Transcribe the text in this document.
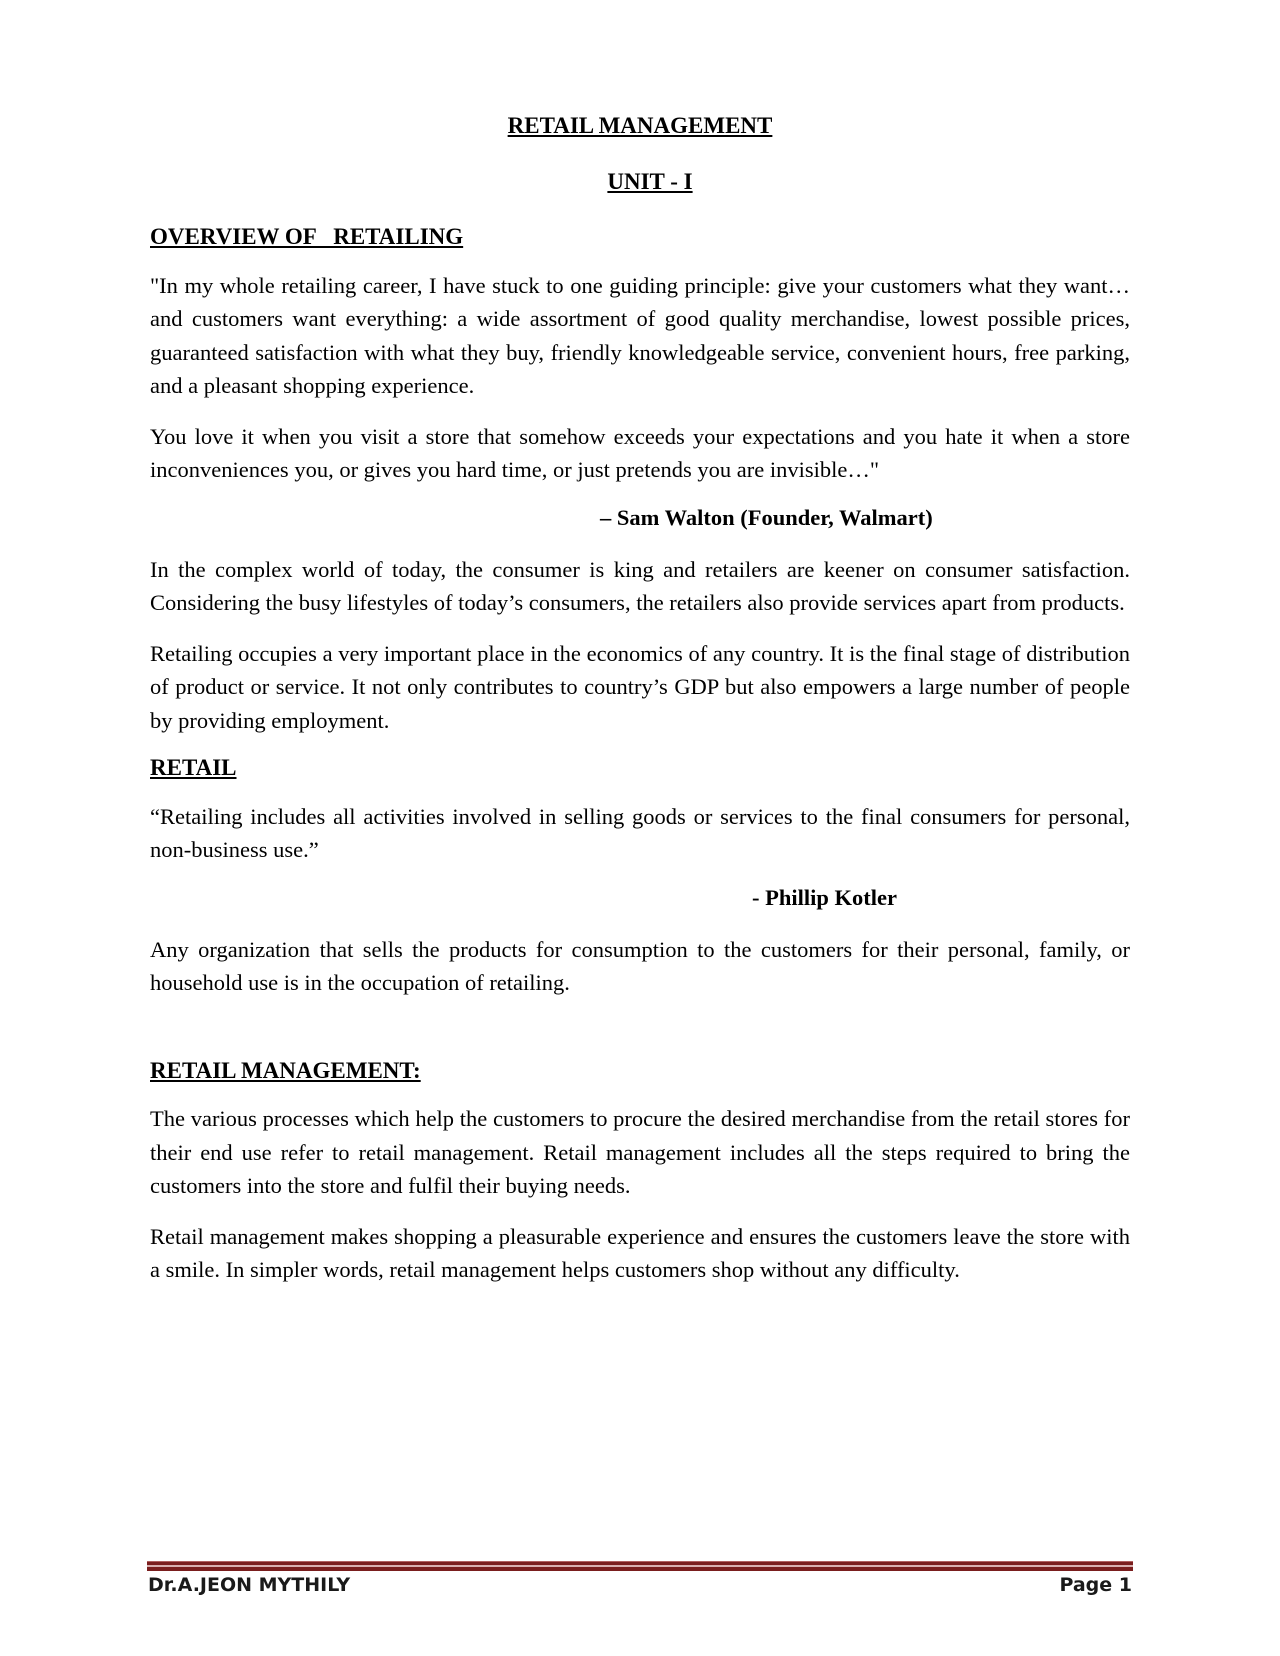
RETAIL MANAGEMENT
UNIT - I
OVERVIEW OF   RETAILING

"In my whole retailing career, I have stuck to one guiding principle: give your customers what they want…and customers want everything: a wide assortment of good quality merchandise, lowest possible prices, guaranteed satisfaction with what they buy, friendly knowledgeable service, convenient hours, free parking, and a pleasant shopping experience.

You love it when you visit a store that somehow exceeds your expectations and you hate it when a store inconveniences you, or gives you hard time, or just pretends you are invisible…"

– Sam Walton (Founder, Walmart)

In the complex world of today, the consumer is king and retailers are keener on consumer satisfaction. Considering the busy lifestyles of today’s consumers, the retailers also provide services apart from products.

Retailing occupies a very important place in the economics of any country. It is the final stage of distribution of product or service. It not only contributes to country’s GDP but also empowers a large number of people by providing employment.

RETAIL

“Retailing includes all activities involved in selling goods or services to the final consumers for personal, non-business use.”

- Phillip Kotler

Any organization that sells the products for consumption to the customers for their personal, family, or household use is in the occupation of retailing.

RETAIL MANAGEMENT:

The various processes which help the customers to procure the desired merchandise from the retail stores for their end use refer to retail management. Retail management includes all the steps required to bring the customers into the store and fulfil their buying needs.

Retail management makes shopping a pleasurable experience and ensures the customers leave the store with a smile. In simpler words, retail management helps customers shop without any difficulty.

Dr.A.JEON MYTHILY	Page 1
